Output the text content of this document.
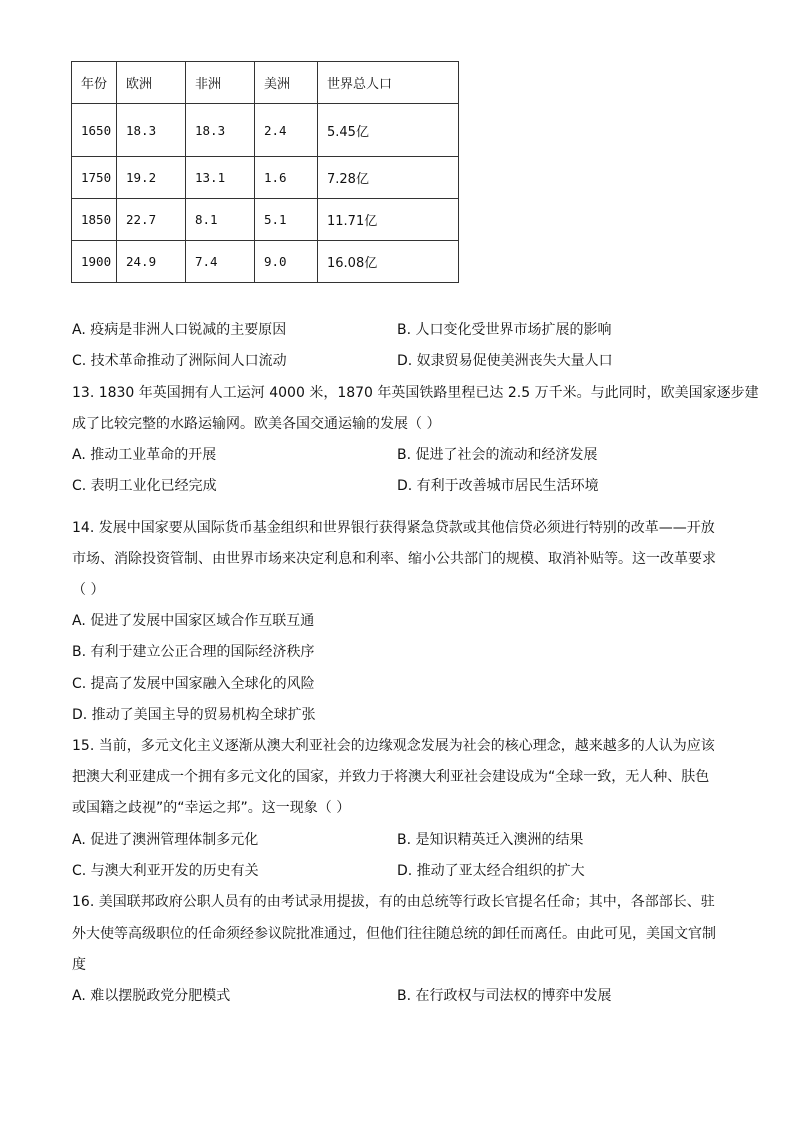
年份	欧洲	非洲	美洲	世界总人口
1650	18.3	18.3	2.4	5.45亿
1750	19.2	13.1	1.6	7.28亿
1850	22.7	8.1	5.1	11.71亿
1900	24.9	7.4	9.0	16.08亿
A. 疫病是非洲人口锐减的主要原因	B. 人口变化受世界市场扩展的影响
C. 技术革命推动了洲际间人口流动	D. 奴隶贸易促使美洲丧失大量人口
13. 1830 年英国拥有人工运河 4000 米，1870 年英国铁路里程已达 2.5 万千米。与此同时，欧美国家逐步建
成了比较完整的水路运输网。欧美各国交通运输的发展（ ）
A. 推动工业革命的开展	B. 促进了社会的流动和经济发展
C. 表明工业化已经完成	D. 有利于改善城市居民生活环境
14. 发展中国家要从国际货币基金组织和世界银行获得紧急贷款或其他信贷必须进行特别的改革——开放
市场、消除投资管制、由世界市场来决定利息和利率、缩小公共部门的规模、取消补贴等。这一改革要求
（ ）
A. 促进了发展中国家区域合作互联互通
B. 有利于建立公正合理的国际经济秩序
C. 提高了发展中国家融入全球化的风险
D. 推动了美国主导的贸易机构全球扩张
15. 当前，多元文化主义逐渐从澳大利亚社会的边缘观念发展为社会的核心理念，越来越多的人认为应该
把澳大利亚建成一个拥有多元文化的国家，并致力于将澳大利亚社会建设成为“全球一致，无人种、肤色
或国籍之歧视”的“幸运之邦”。这一现象（ ）
A. 促进了澳洲管理体制多元化	B. 是知识精英迁入澳洲的结果
C. 与澳大利亚开发的历史有关	D. 推动了亚太经合组织的扩大
16. 美国联邦政府公职人员有的由考试录用提拔，有的由总统等行政长官提名任命；其中，各部部长、驻
外大使等高级职位的任命须经参议院批准通过，但他们往往随总统的卸任而离任。由此可见，美国文官制
度
A. 难以摆脱政党分肥模式	B. 在行政权与司法权的博弈中发展
